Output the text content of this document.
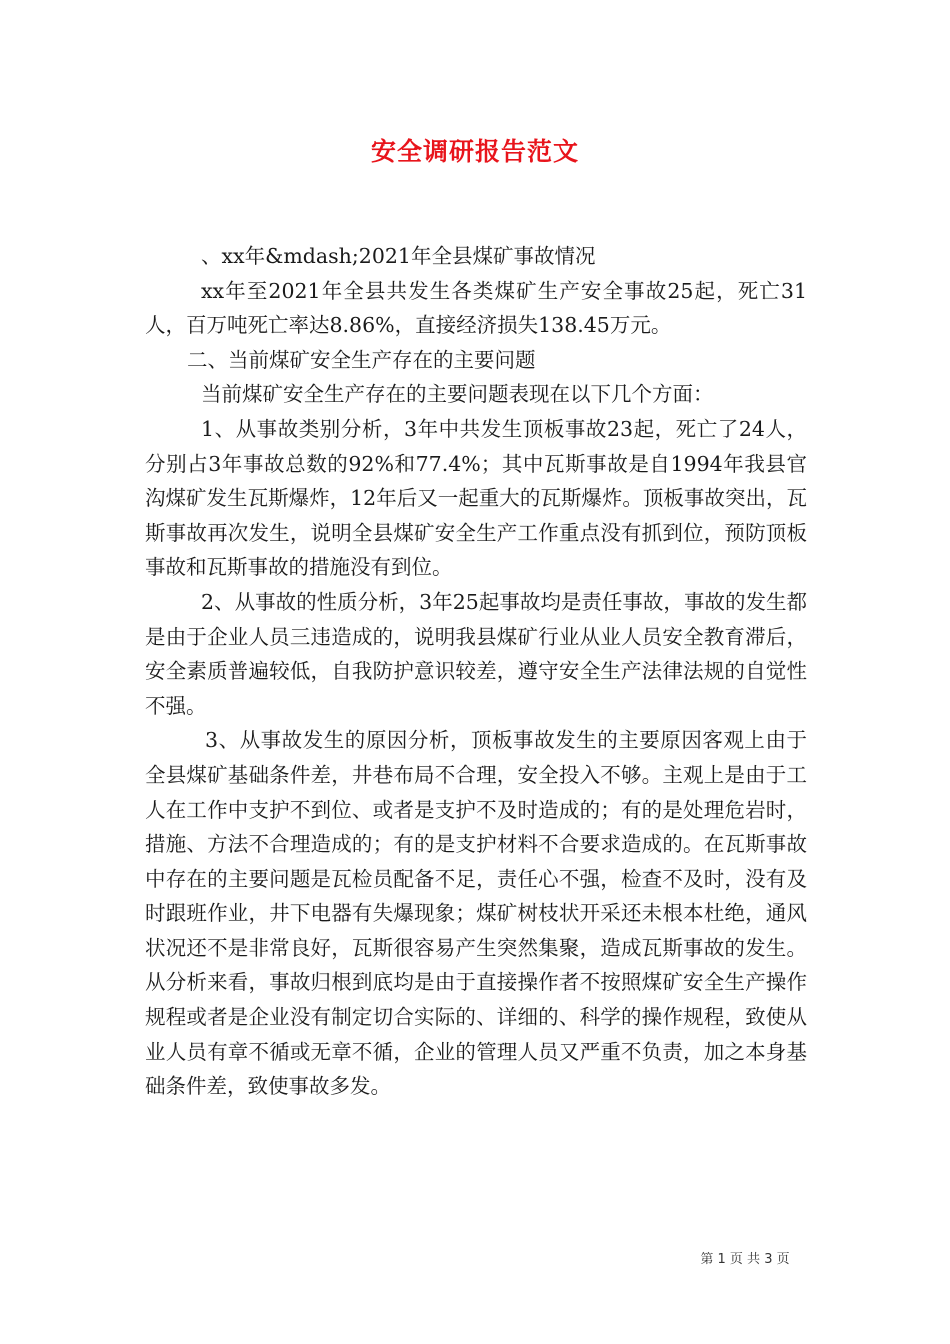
安全调研报告范文

、xx年&mdash;2021年全县煤矿事故情况

xx年至2021年全县共发生各类煤矿生产安全事故25起，死亡31人，百万吨死亡率达8.86%，直接经济损失138.45万元。

二、当前煤矿安全生产存在的主要问题

当前煤矿安全生产存在的主要问题表现在以下几个方面：

1、从事故类别分析，3年中共发生顶板事故23起，死亡了24人，分别占3年事故总数的92%和77.4%；其中瓦斯事故是自1994年我县官沟煤矿发生瓦斯爆炸，12年后又一起重大的瓦斯爆炸。顶板事故突出，瓦斯事故再次发生，说明全县煤矿安全生产工作重点没有抓到位，预防顶板事故和瓦斯事故的措施没有到位。

2、从事故的性质分析，3年25起事故均是责任事故，事故的发生都是由于企业人员三违造成的，说明我县煤矿行业从业人员安全教育滞后，安全素质普遍较低，自我防护意识较差，遵守安全生产法律法规的自觉性不强。

3、从事故发生的原因分析，顶板事故发生的主要原因客观上由于全县煤矿基础条件差，井巷布局不合理，安全投入不够。主观上是由于工人在工作中支护不到位、或者是支护不及时造成的；有的是处理危岩时，措施、方法不合理造成的；有的是支护材料不合要求造成的。在瓦斯事故中存在的主要问题是瓦检员配备不足，责任心不强，检查不及时，没有及时跟班作业，井下电器有失爆现象；煤矿树枝状开采还未根本杜绝，通风状况还不是非常良好，瓦斯很容易产生突然集聚，造成瓦斯事故的发生。从分析来看，事故归根到底均是由于直接操作者不按照煤矿安全生产操作规程或者是企业没有制定切合实际的、详细的、科学的操作规程，致使从业人员有章不循或无章不循，企业的管理人员又严重不负责，加之本身基础条件差，致使事故多发。

第 1 页 共 3 页
